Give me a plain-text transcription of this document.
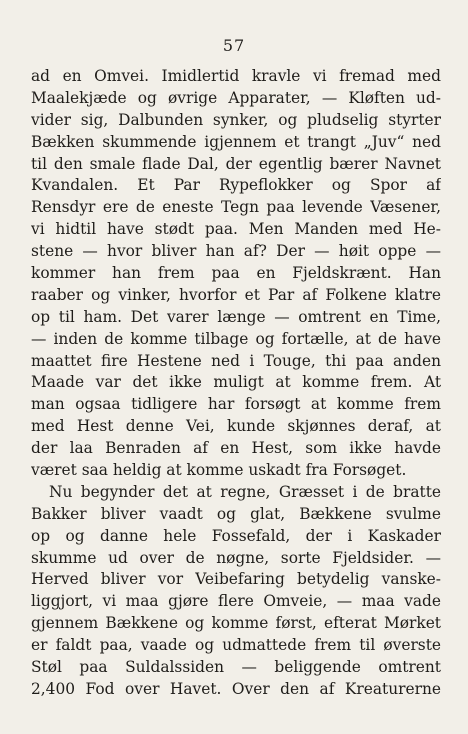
57
ad en Omvei. Imidlertid kravle vi fremad med
Maalekjæde og øvrige Apparater, — Kløften ud-
vider sig, Dalbunden synker, og pludselig styrter
Bækken skummende igjennem et trangt „Juv“ ned
til den smale flade Dal, der egentlig bærer Navnet
Kvandalen. Et Par Rypeflokker og Spor af
Rensdyr ere de eneste Tegn paa levende Væsener,
vi hidtil have stødt paa. Men Manden med He-
stene — hvor bliver han af? Der — høit oppe —
kommer han frem paa en Fjeldskrænt. Han
raaber og vinker, hvorfor et Par af Folkene klatre
op til ham. Det varer længe — omtrent en Time,
— inden de komme tilbage og fortælle, at de have
maattet fire Hestene ned i Touge, thi paa anden
Maade var det ikke muligt at komme frem. At
man ogsaa tidligere har forsøgt at komme frem
med Hest denne Vei, kunde skjønnes deraf, at
der laa Benraden af en Hest, som ikke havde
været saa heldig at komme uskadt fra Forsøget.
Nu begynder det at regne, Græsset i de bratte
Bakker bliver vaadt og glat, Bækkene svulme
op og danne hele Fossefald, der i Kaskader
skumme ud over de nøgne, sorte Fjeldsider. —
Herved bliver vor Veibefaring betydelig vanske-
liggjort, vi maa gjøre flere Omveie, — maa vade
gjennem Bækkene og komme først, efterat Mørket
er faldt paa, vaade og udmattede frem til øverste
Støl paa Suldalssiden — beliggende omtrent
2,400 Fod over Havet. Over den af Kreaturerne
